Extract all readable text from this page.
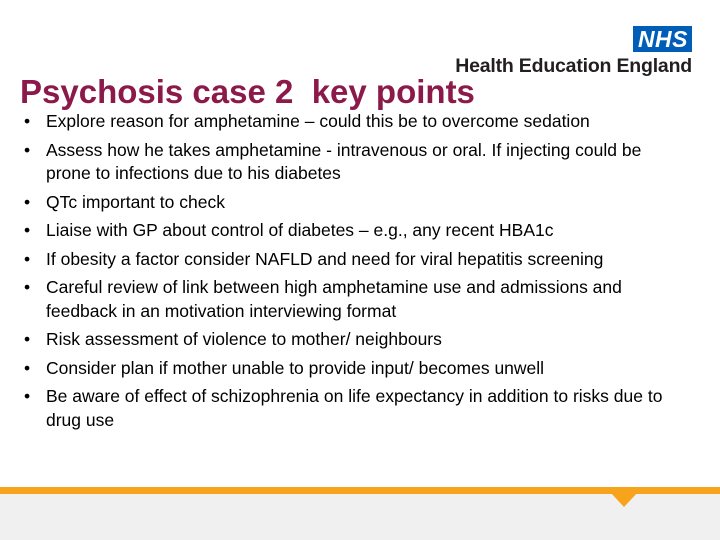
NHS
Health Education England
Psychosis case 2  key points
• Explore reason for amphetamine – could this be to overcome sedation
• Assess how he takes amphetamine - intravenous or oral. If injecting could be prone to infections due to his diabetes
• QTc important to check
• Liaise with GP about control of diabetes – e.g., any recent HBA1c
• If obesity a factor consider NAFLD and need for viral hepatitis screening
• Careful review of link between high amphetamine use and admissions and feedback in an motivation interviewing format
• Risk assessment of violence to mother/ neighbours
• Consider plan if mother unable to provide input/ becomes unwell
• Be aware of effect of schizophrenia on life expectancy in addition to risks due to drug use
